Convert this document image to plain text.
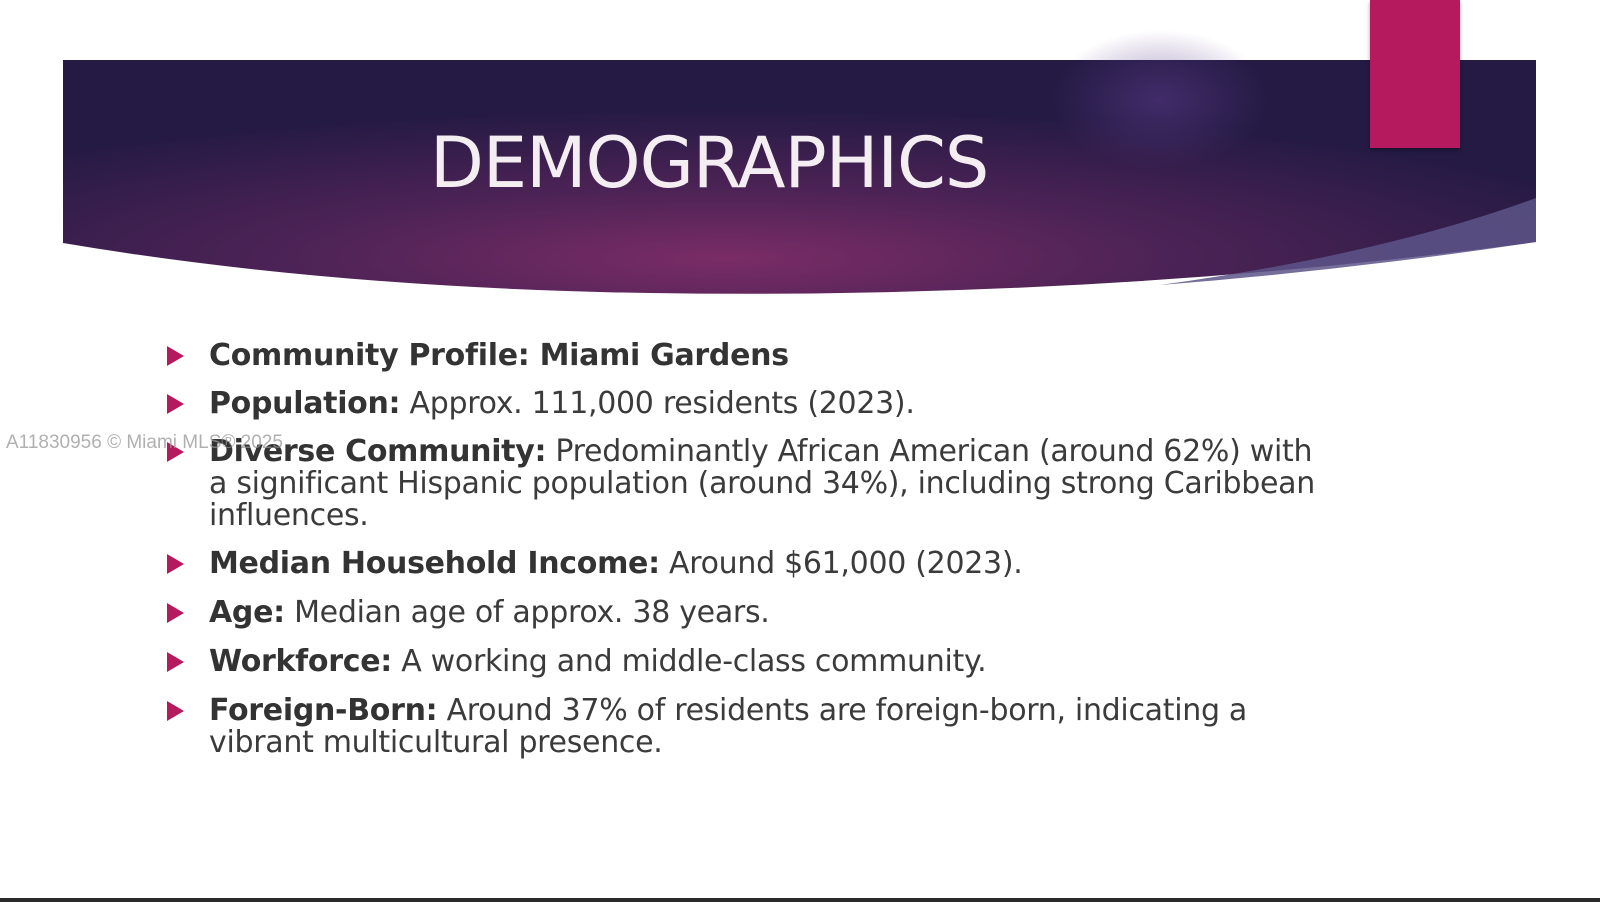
DEMOGRAPHICS
Community Profile: Miami Gardens
Population: Approx. 111,000 residents (2023).
Diverse Community: Predominantly African American (around 62%) with a significant Hispanic population (around 34%), including strong Caribbean influences.
Median Household Income: Around $61,000 (2023).
Age: Median age of approx. 38 years.
Workforce: A working and middle-class community.
Foreign-Born: Around 37% of residents are foreign-born, indicating a vibrant multicultural presence.
A11830956 © Miami MLS® 2025
